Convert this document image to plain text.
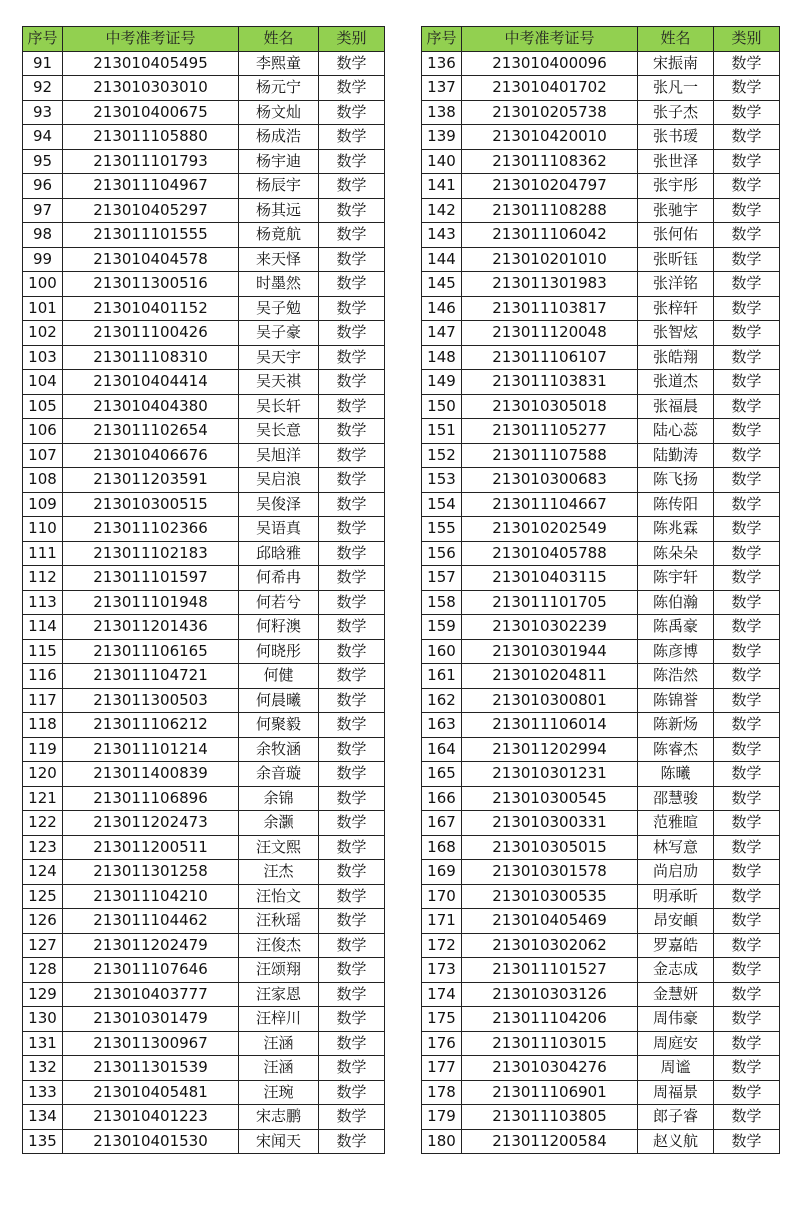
序号	中考准考证号	姓名	类别
91	213010405495	李熙童	数学
92	213010303010	杨元宁	数学
93	213010400675	杨文灿	数学
94	213011105880	杨成浩	数学
95	213011101793	杨宇迪	数学
96	213011104967	杨辰宇	数学
97	213010405297	杨其远	数学
98	213011101555	杨竟航	数学
99	213010404578	来天怿	数学
100	213011300516	时墨然	数学
101	213010401152	吴子勉	数学
102	213011100426	吴子豪	数学
103	213011108310	吴天宇	数学
104	213010404414	吴天祺	数学
105	213010404380	吴长轩	数学
106	213011102654	吴长意	数学
107	213010406676	吴旭洋	数学
108	213011203591	吴启浪	数学
109	213010300515	吴俊泽	数学
110	213011102366	吴语真	数学
111	213011102183	邱晗雅	数学
112	213011101597	何希冉	数学
113	213011101948	何若兮	数学
114	213011201436	何籽澳	数学
115	213011106165	何晓彤	数学
116	213011104721	何健	数学
117	213011300503	何晨曦	数学
118	213011106212	何聚毅	数学
119	213011101214	余牧涵	数学
120	213011400839	余音璇	数学
121	213011106896	余锦	数学
122	213011202473	余灏	数学
123	213011200511	汪文熙	数学
124	213011301258	汪杰	数学
125	213011104210	汪怡文	数学
126	213011104462	汪秋瑶	数学
127	213011202479	汪俊杰	数学
128	213011107646	汪颂翔	数学
129	213010403777	汪家恩	数学
130	213010301479	汪梓川	数学
131	213011300967	汪涵	数学
132	213011301539	汪涵	数学
133	213010405481	汪琬	数学
134	213010401223	宋志鹏	数学
135	213010401530	宋闻天	数学
序号	中考准考证号	姓名	类别
136	213010400096	宋振南	数学
137	213010401702	张凡一	数学
138	213010205738	张子杰	数学
139	213010420010	张书瑷	数学
140	213011108362	张世泽	数学
141	213010204797	张宇彤	数学
142	213011108288	张驰宇	数学
143	213011106042	张何佑	数学
144	213010201010	张昕钰	数学
145	213011301983	张洋铭	数学
146	213011103817	张梓轩	数学
147	213011120048	张智炫	数学
148	213011106107	张皓翔	数学
149	213011103831	张道杰	数学
150	213010305018	张福晨	数学
151	213011105277	陆心蕊	数学
152	213011107588	陆勤涛	数学
153	213010300683	陈飞扬	数学
154	213011104667	陈传阳	数学
155	213010202549	陈兆霖	数学
156	213010405788	陈朵朵	数学
157	213010403115	陈宇轩	数学
158	213011101705	陈伯瀚	数学
159	213010302239	陈禹豪	数学
160	213010301944	陈彦博	数学
161	213010204811	陈浩然	数学
162	213010300801	陈锦誉	数学
163	213011106014	陈新炀	数学
164	213011202994	陈睿杰	数学
165	213010301231	陈曦	数学
166	213010300545	邵慧骏	数学
167	213010300331	范雅暄	数学
168	213010305015	林写意	数学
169	213010301578	尚启劢	数学
170	213010300535	明承昕	数学
171	213010405469	昂安頔	数学
172	213010302062	罗嘉皓	数学
173	213011101527	金志成	数学
174	213010303126	金慧妍	数学
175	213011104206	周伟豪	数学
176	213011103015	周庭安	数学
177	213010304276	周谧	数学
178	213011106901	周福景	数学
179	213011103805	郎子睿	数学
180	213011200584	赵义航	数学
